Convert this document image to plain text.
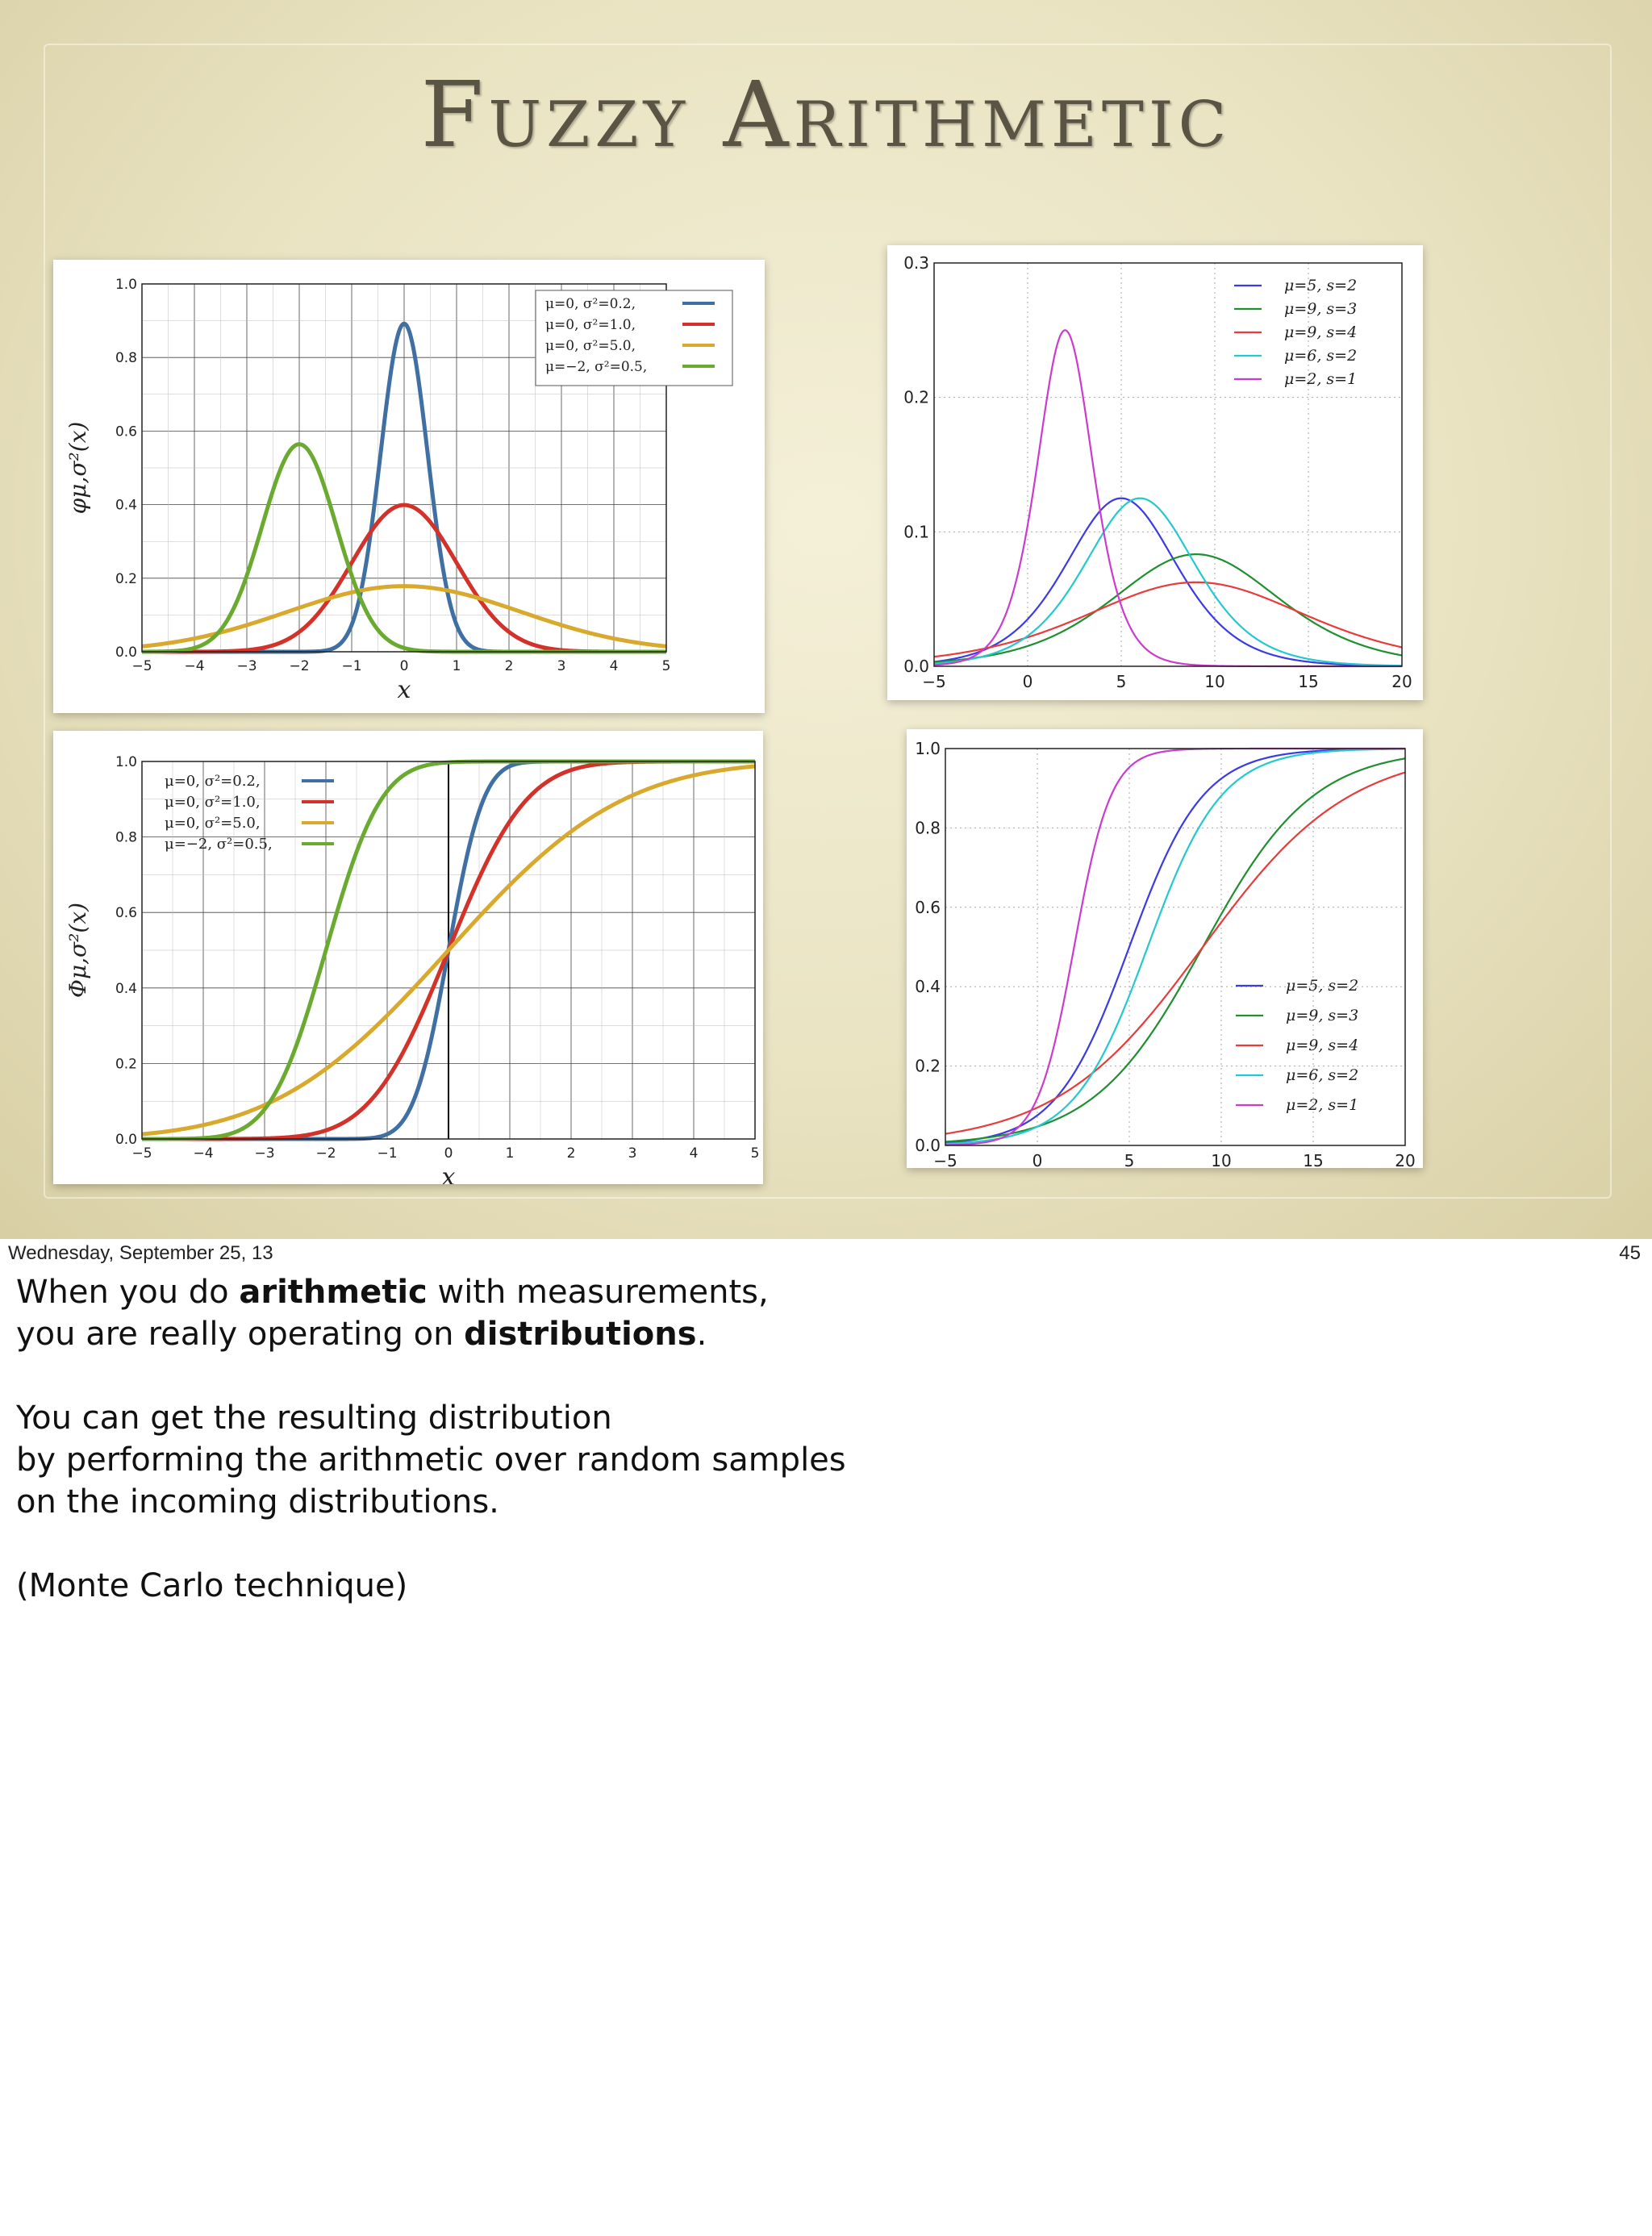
Fuzzy Arithmetic
−5 −4 −3 −2 −1	0	1	2	3	4	5
0.0
0.2
0.4
0.6
0.8
1.0
x
φμ,σ²(x)
μ=0, σ²=0.2,
μ=0, σ²=1.0,
μ=0, σ²=5.0,
μ=−2, σ²=0.5,
−5	0	5	10	15	20
0.0
0.1
0.2
0.3
μ=5, s=2
μ=9, s=3
μ=9, s=4
μ=6, s=2
μ=2, s=1
−5	−4	−3	−2	−1	0	1	2	3	4	5
0.0
0.2
0.4
0.6
0.8
1.0
x
Φμ,σ²(x)
μ=0, σ²=0.2,
μ=0, σ²=1.0,
μ=0, σ²=5.0,
μ=−2, σ²=0.5,
−5	0	5	10	15	20
0.0
0.2
0.4
0.6
0.8
1.0
μ=5, s=2
μ=9, s=3
μ=9, s=4
μ=6, s=2
μ=2, s=1
Wednesday, September 25, 13	45

When you do arithmetic with measurements,

you are really operating on distributions.

You can get the resulting distribution

by performing the arithmetic over random samples

on the incoming distributions.

(Monte Carlo technique)
